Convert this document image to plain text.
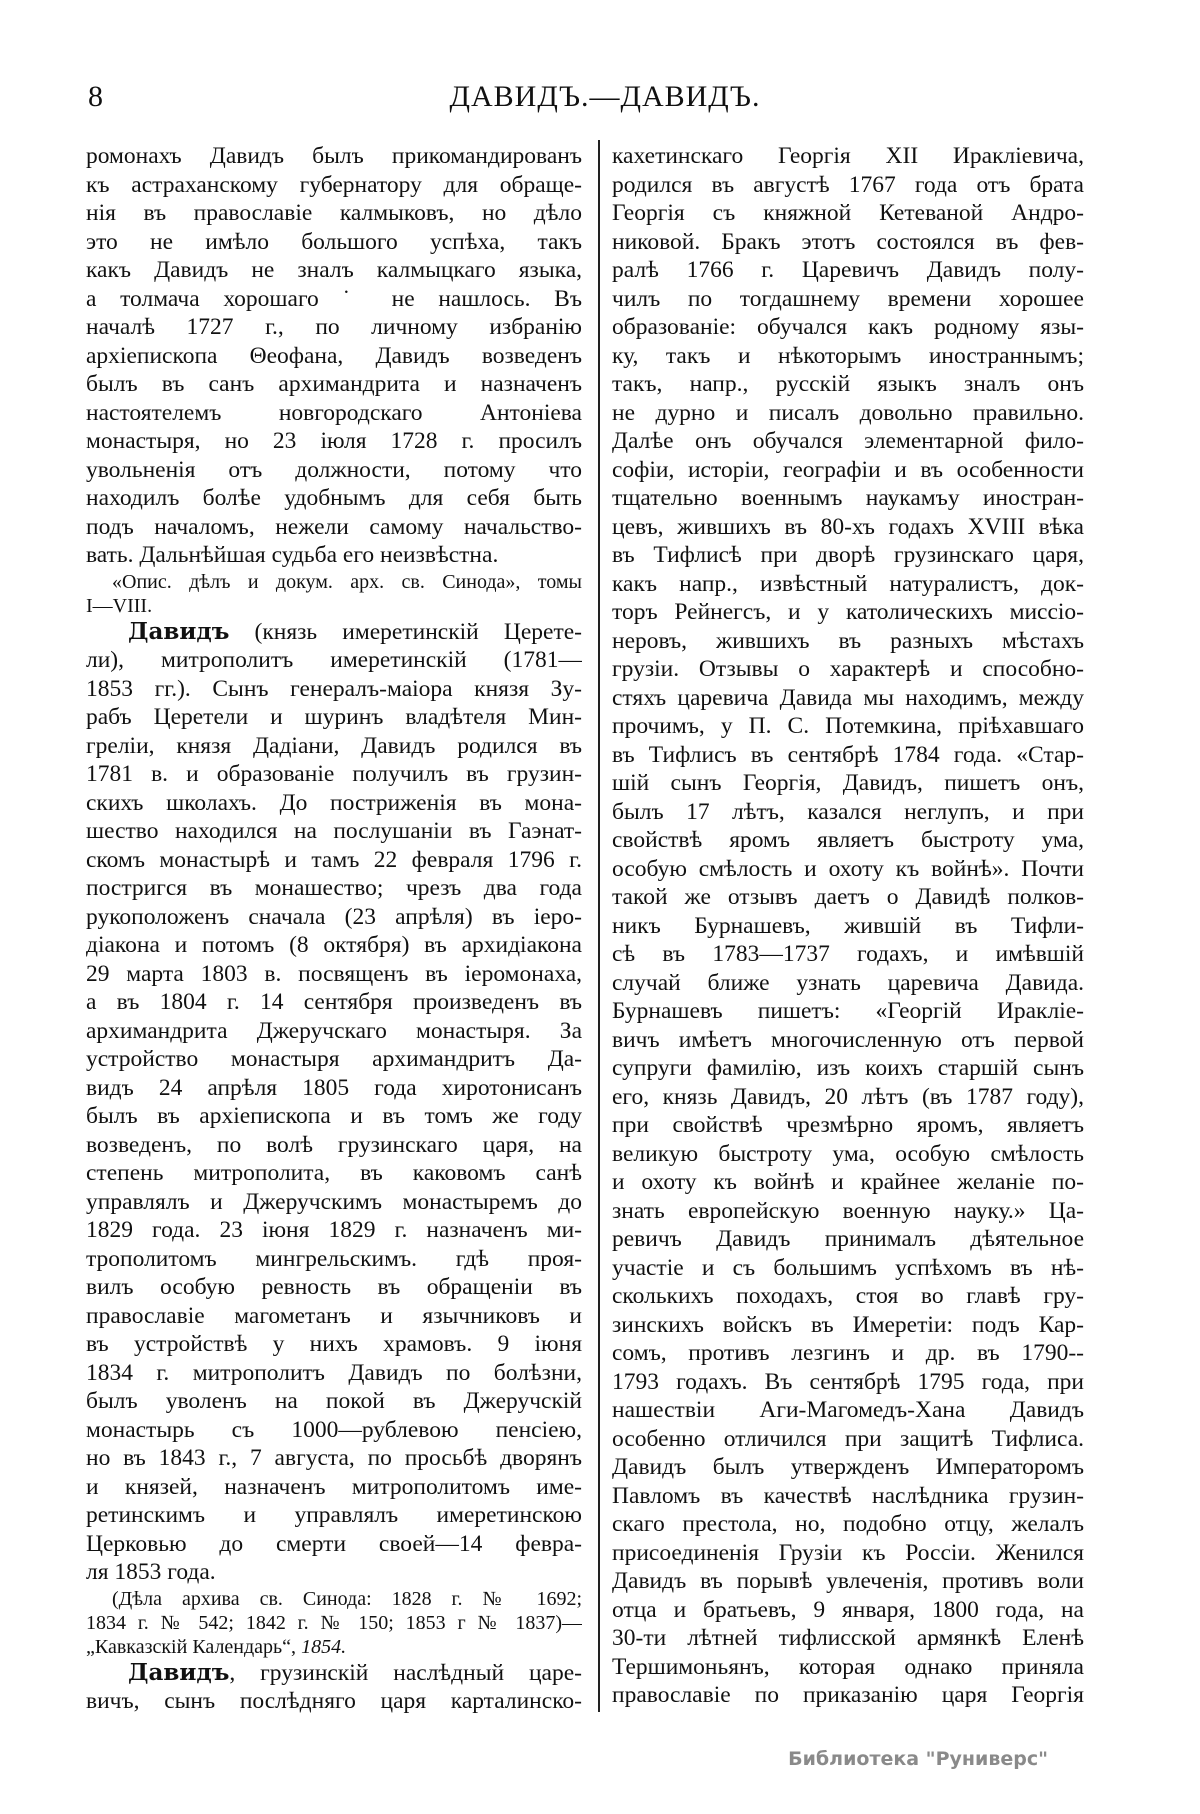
8	ДАВИДЪ.—ДАВИДЪ.
ромонахъ Давидъ былъ прикомандированъ
къ астраханскому губернатору для обраще-
нія въ православіе калмыковъ, но дѣло
это не имѣло большого успѣха, такъ
какъ Давидъ не зналъ калмыцкаго языка,
а толмача хорошаго ˙ не нашлось. Въ
началѣ 1727 г., по личному избранію
архіепископа Θеофана, Давидъ возведенъ
былъ въ санъ архимандрита и назначенъ
настоятелемъ новгородскаго Антоніева
монастыря, но 23 іюля 1728 г. просилъ
увольненія отъ должности, потому что
находилъ болѣе удобнымъ для себя быть
подъ началомъ, нежели самому начальство-
вать. Дальнѣйшая судьба его неизвѣстна.
«Опис. дѣлъ и докум. арх. св. Синода», томы
I—VIII.
Давидъ (князь имеретинскій Церете-
ли), митрополитъ имеретинскій (1781—
1853 гг.). Сынъ генералъ-маіора князя Зу-
рабъ Церетели и шуринъ владѣтеля Мин-
греліи, князя Дадіани, Давидъ родился въ
1781 в. и образованіе получилъ въ грузин-
скихъ школахъ. До постриженія въ мона-
шество находился на послушаніи въ Гаэнат-
скомъ монастырѣ и тамъ 22 февраля 1796 г.
постригся въ монашество; чрезъ два года
рукоположенъ сначала (23 апрѣля) въ іеро-
діакона и потомъ (8 октября) въ архидіакона
29 марта 1803 в. посвященъ въ іеромонаха,
а въ 1804 г. 14 сентября произведенъ въ
архимандрита Джеручскаго монастыря. За
устройство монастыря архимандритъ Да-
видъ 24 апрѣля 1805 года хиротонисанъ
былъ въ архіепископа и въ томъ же году
возведенъ, по волѣ грузинскаго царя, на
степень митрополита, въ каковомъ санѣ
управлялъ и Джеручскимъ монастыремъ до
1829 года. 23 іюня 1829 г. назначенъ ми-
трополитомъ мингрельскимъ. гдѣ проя-
вилъ особую ревность въ обращеніи въ
православіе магометанъ и язычниковъ и
въ устройствѣ у нихъ храмовъ. 9 іюня
1834 г. митрополитъ Давидъ по болѣзни,
былъ уволенъ на покой въ Джеручскій
монастырь съ 1000—рублевою пенсіею,
но въ 1843 г., 7 августа, по просьбѣ дворянъ
и князей, назначенъ митрополитомъ име-
ретинскимъ и управлялъ имеретинскою
Церковью до смерти своей—14 февра-
ля 1853 года.
(Дѣла архива св. Синода: 1828 г. № 1692;
1834 г. № 542; 1842 г. № 150; 1853 г № 1837)—
„Кавказскій Календарь“, 1854.
Давидъ, грузинскій наслѣдный царе-
вичъ, сынъ послѣдняго царя карталинско-
кахетинскаго Георгія XII Иракліевича,
родился въ августѣ 1767 года отъ брата
Георгія съ княжной Кетеваной Андро-
никовой. Бракъ этотъ состоялся въ фев-
ралѣ 1766 г. Царевичъ Давидъ полу-
чилъ по тогдашнему времени хорошее
образованіе: обучался какъ родному язы-
ку, такъ и нѣкоторымъ иностраннымъ;
такъ, напр., русскій языкъ зналъ онъ
не дурно и писалъ довольно правильно.
Далѣе онъ обучался элементарной фило-
софіи, исторіи, географіи и въ особенности
тщательно военнымъ наукамъу иностран-
цевъ, жившихъ въ 80-хъ годахъ XVIII вѣка
въ Тифлисѣ при дворѣ грузинскаго царя,
какъ напр., извѣстный натуралистъ, док-
торъ Рейнегсъ, и у католическихъ миссіо-
неровъ, жившихъ въ разныхъ мѣстахъ
грузіи. Отзывы о характерѣ и способно-
стяхъ царевича Давида мы находимъ, между
прочимъ, у П. С. Потемкина, пріѣхавшаго
въ Тифлисъ въ сентябрѣ 1784 года. «Стар-
шій сынъ Георгія, Давидъ, пишетъ онъ,
былъ 17 лѣтъ, казался неглупъ, и при
свойствѣ яромъ являетъ быстроту ума,
особую смѣлость и охоту къ войнѣ». Почти
такой же отзывъ даетъ о Давидѣ полков-
никъ Бурнашевъ, жившій въ Тифли-
сѣ въ 1783—1737 годахъ, и имѣвшій
случай ближе узнать царевича Давида.
Бурнашевъ пишетъ: «Георгій Ираклiе-
вичъ имѣетъ многочисленную отъ первой
супруги фамилію, изъ коихъ старшій сынъ
его, князь Давидъ, 20 лѣтъ (въ 1787 году),
при свойствѣ чрезмѣрно яромъ, являетъ
великую быстроту ума, особую смѣлость
и охоту къ войнѣ и крайнее желаніе по-
знать европейскую военную науку.» Ца-
ревичъ Давидъ принималъ дѣятельное
участіе и съ большимъ успѣхомъ въ нѣ-
сколькихъ походахъ, стоя во главѣ гру-
зинскихъ войскъ въ Имеретіи: подъ Кар-
сомъ, противъ лезгинъ и др. въ 1790--
1793 годахъ. Въ сентябрѣ 1795 года, при
нашествіи Аги-Магомедъ-Хана Давидъ
особенно отличился при защитѣ Тифлиса.
Давидъ былъ утвержденъ Императоромъ
Павломъ въ качествѣ наслѣдника грузин-
скаго престола, но, подобно отцу, желалъ
присоединенія Грузіи къ Россіи. Женился
Давидъ въ порывѣ увлеченія, противъ воли
отца и братьевъ, 9 января, 1800 года, на
30-ти лѣтней тифлисской армянкѣ Еленѣ
Тершимоньянъ, которая однако приняла
православіе по приказанію царя Георгія
Библиотека "Руниверс"
